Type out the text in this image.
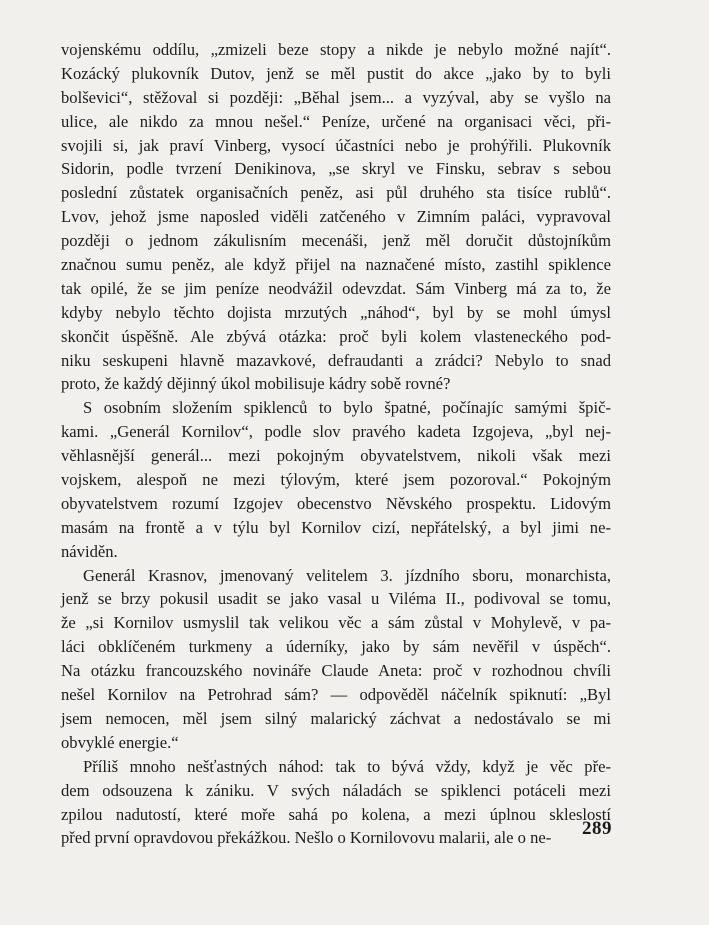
vojenskému oddílu, „zmizeli beze stopy a nikde je nebylo možné najít“.
Kozácký plukovník Dutov, jenž se měl pustit do akce „jako by to byli
bolševici“, stěžoval si později: „Běhal jsem... a vyzýval, aby se vyšlo na
ulice, ale nikdo za mnou nešel.“ Peníze, určené na organisaci věci, při-
svojili si, jak praví Vinberg, vysocí účastníci nebo je prohýřili. Plukovník
Sidorin, podle tvrzení Denikinova, „se skryl ve Finsku, sebrav s sebou
poslední zůstatek organisačních peněz, asi půl druhého sta tisíce rublů“.
Lvov, jehož jsme naposled viděli zatčeného v Zimním paláci, vypravoval
později o jednom zákulisním mecenáši, jenž měl doručit důstojníkům
značnou sumu peněz, ale když přijel na naznačené místo, zastihl spiklence
tak opilé, že se jim peníze neodvážil odevzdat. Sám Vinberg má za to, že
kdyby nebylo těchto dojista mrzutých „náhod“, byl by se mohl úmysl
skončit úspěšně. Ale zbývá otázka: proč byli kolem vlasteneckého pod-
niku seskupeni hlavně mazavkové, defraudanti a zrádci? Nebylo to snad
proto, že každý dějinný úkol mobilisuje kádry sobě rovné?
S osobním složením spiklenců to bylo špatné, počínajíc samými špič-
kami. „Generál Kornilov“, podle slov pravého kadeta Izgojeva, „byl nej-
věhlasnější generál... mezi pokojným obyvatelstvem, nikoli však mezi
vojskem, alespoň ne mezi týlovým, které jsem pozoroval.“ Pokojným
obyvatelstvem rozumí Izgojev obecenstvo Něvského prospektu. Lidovým
masám na frontě a v týlu byl Kornilov cizí, nepřátelský, a byl jimi ne-
náviděn.
Generál Krasnov, jmenovaný velitelem 3. jízdního sboru, monarchista,
jenž se brzy pokusil usadit se jako vasal u Viléma II., podivoval se tomu,
že „si Kornilov usmyslil tak velikou věc a sám zůstal v Mohylevě, v pa-
láci obklíčeném turkmeny a úderníky, jako by sám nevěřil v úspěch“.
Na otázku francouzského novináře Claude Aneta: proč v rozhodnou chvíli
nešel Kornilov na Petrohrad sám? — odpověděl náčelník spiknutí: „Byl
jsem nemocen, měl jsem silný malarický záchvat a nedostávalo se mi
obvyklé energie.“
Příliš mnoho nešťastných náhod: tak to bývá vždy, když je věc pře-
dem odsouzena k zániku. V svých náladách se spiklenci potáceli mezi
zpilou nadutostí, které moře sahá po kolena, a mezi úplnou skleslostí
před první opravdovou překážkou. Nešlo o Kornilovovu malarii, ale o ne-	289
